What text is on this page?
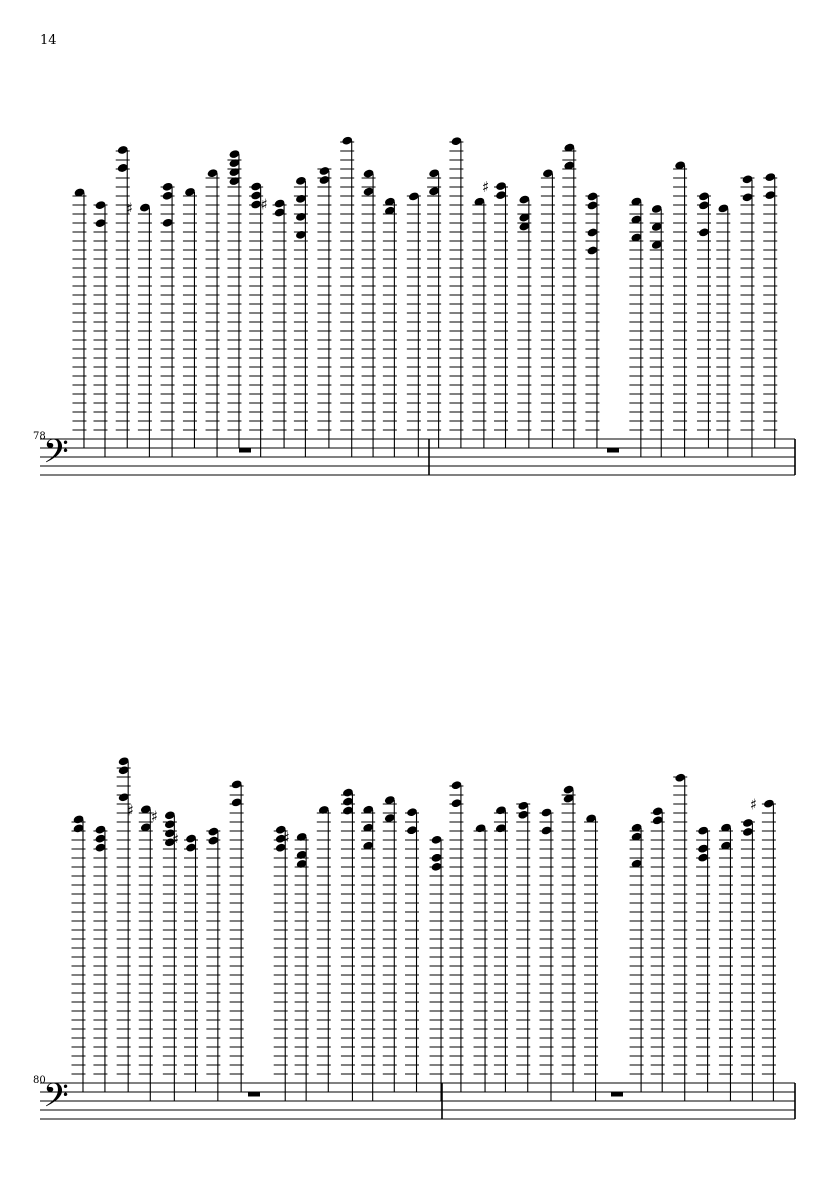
14
78
80
𝄢
♯	♯
♯
𝄢
♯ ♯
♯	♯
♯
